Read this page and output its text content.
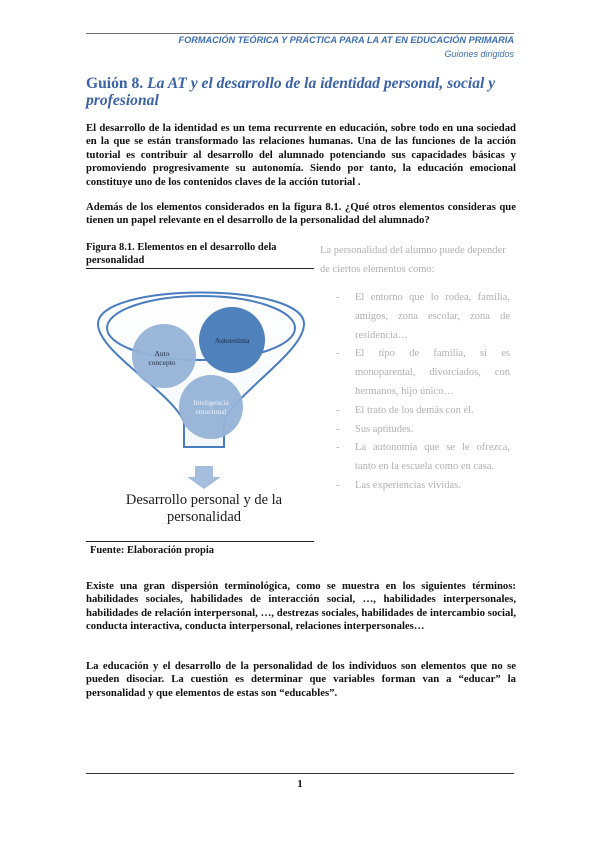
FORMACIÓN TEÓRICA Y PRÁCTICA PARA LA AT EN EDUCACIÓN PRIMARIA
Guiones dirigidos
Guión 8. La AT y el desarrollo de la identidad personal, social y profesional
El desarrollo de la identidad es un tema recurrente en educación, sobre todo en una sociedad en la que se están transformado las relaciones humanas. Una de las funciones de la acción tutorial es contribuir al desarrollo del alumnado potenciando sus capacidades básicas y promoviendo progresivamente su autonomía. Siendo por tanto, la educación emocional constituye uno de los contenidos claves de la acción tutorial .
Además de los elementos considerados en la figura 8.1. ¿Qué otros elementos consideras que tienen un papel relevante en el desarrollo de la personalidad del alumnado?
Figura 8.1. Elementos en el desarrollo dela personalidad
Autoestima
Auto
concepto
Inteligencia
emocional
Desarrollo personal y de la
personalidad
Fuente: Elaboración propia
La personalidad del alumno puede depender de ciertos elementos como:
- El entorno que lo rodea, familia, amigos, zona escolar, zona de residencia…
- El tipo de familia, si es monoparental, divorciados, con hermanos, hijo único…
- El trato de los demás con él.
- Sus aptitudes.
- La autonomía que se le ofrezca, tanto en la escuela como en casa.
- Las experiencias vividas.
Existe una gran dispersión terminológica, como se muestra en los siguientes términos: habilidades sociales, habilidades de interacción social, …, habilidades interpersonales, habilidades de relación interpersonal, …, destrezas sociales, habilidades de intercambio social, conducta interactiva, conducta interpersonal, relaciones interpersonales…
La educación y el desarrollo de la personalidad de los individuos son elementos que no se pueden disociar. La cuestión es determinar que variables forman van a “educar” la personalidad y que elementos de estas son “educables”.
1
